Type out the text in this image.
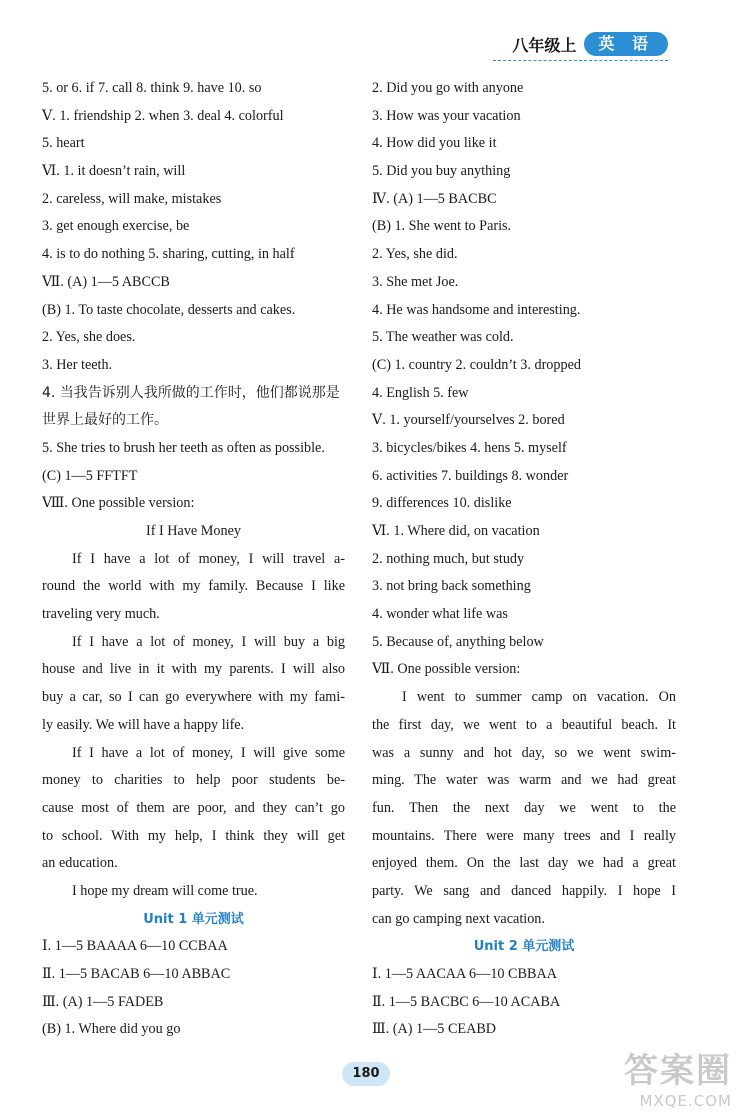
八年级上	英 语
5. or 6. if 7. call 8. think 9. have 10. so
Ⅴ. 1. friendship 2. when 3. deal 4. colorful
5. heart
Ⅵ. 1. it doesn’t rain, will
2. careless, will make, mistakes
3. get enough exercise, be
4. is to do nothing 5. sharing, cutting, in half
Ⅶ. (A) 1—5 ABCCB
(B) 1. To taste chocolate, desserts and cakes.
2. Yes, she does.
3. Her teeth.
4. 当我告诉别人我所做的工作时，他们都说那是
世界上最好的工作。
5. She tries to brush her teeth as often as possible.
(C) 1—5 FFTFT
Ⅷ. One possible version:
If I Have Money
If I have a lot of money, I will travel a-
round the world with my family. Because I like
traveling very much.
If I have a lot of money, I will buy a big
house and live in it with my parents. I will also
buy a car, so I can go everywhere with my fami-
ly easily. We will have a happy life.
If I have a lot of money, I will give some
money to charities to help poor students be-
cause most of them are poor, and they can’t go
to school. With my help, I think they will get
an education.
I hope my dream will come true.
Unit 1 单元测试
Ⅰ. 1—5 BAAAA 6—10 CCBAA
Ⅱ. 1—5 BACAB 6—10 ABBAC
Ⅲ. (A) 1—5 FADEB
(B) 1. Where did you go
2. Did you go with anyone
3. How was your vacation
4. How did you like it
5. Did you buy anything
Ⅳ. (A) 1—5 BACBC
(B) 1. She went to Paris.
2. Yes, she did.
3. She met Joe.
4. He was handsome and interesting.
5. The weather was cold.
(C) 1. country 2. couldn’t 3. dropped
4. English 5. few
Ⅴ. 1. yourself/yourselves 2. bored
3. bicycles/bikes 4. hens 5. myself
6. activities 7. buildings 8. wonder
9. differences 10. dislike
Ⅵ. 1. Where did, on vacation
2. nothing much, but study
3. not bring back something
4. wonder what life was
5. Because of, anything below
Ⅶ. One possible version:
I went to summer camp on vacation. On
the first day, we went to a beautiful beach. It
was a sunny and hot day, so we went swim-
ming. The water was warm and we had great
fun. Then the next day we went to the
mountains. There were many trees and I really
enjoyed them. On the last day we had a great
party. We sang and danced happily. I hope I
can go camping next vacation.
Unit 2 单元测试
Ⅰ. 1—5 AACAA 6—10 CBBAA
Ⅱ. 1—5 BACBC 6—10 ACABA
Ⅲ. (A) 1—5 CEABD
180	答案圈
MXQE.COM
